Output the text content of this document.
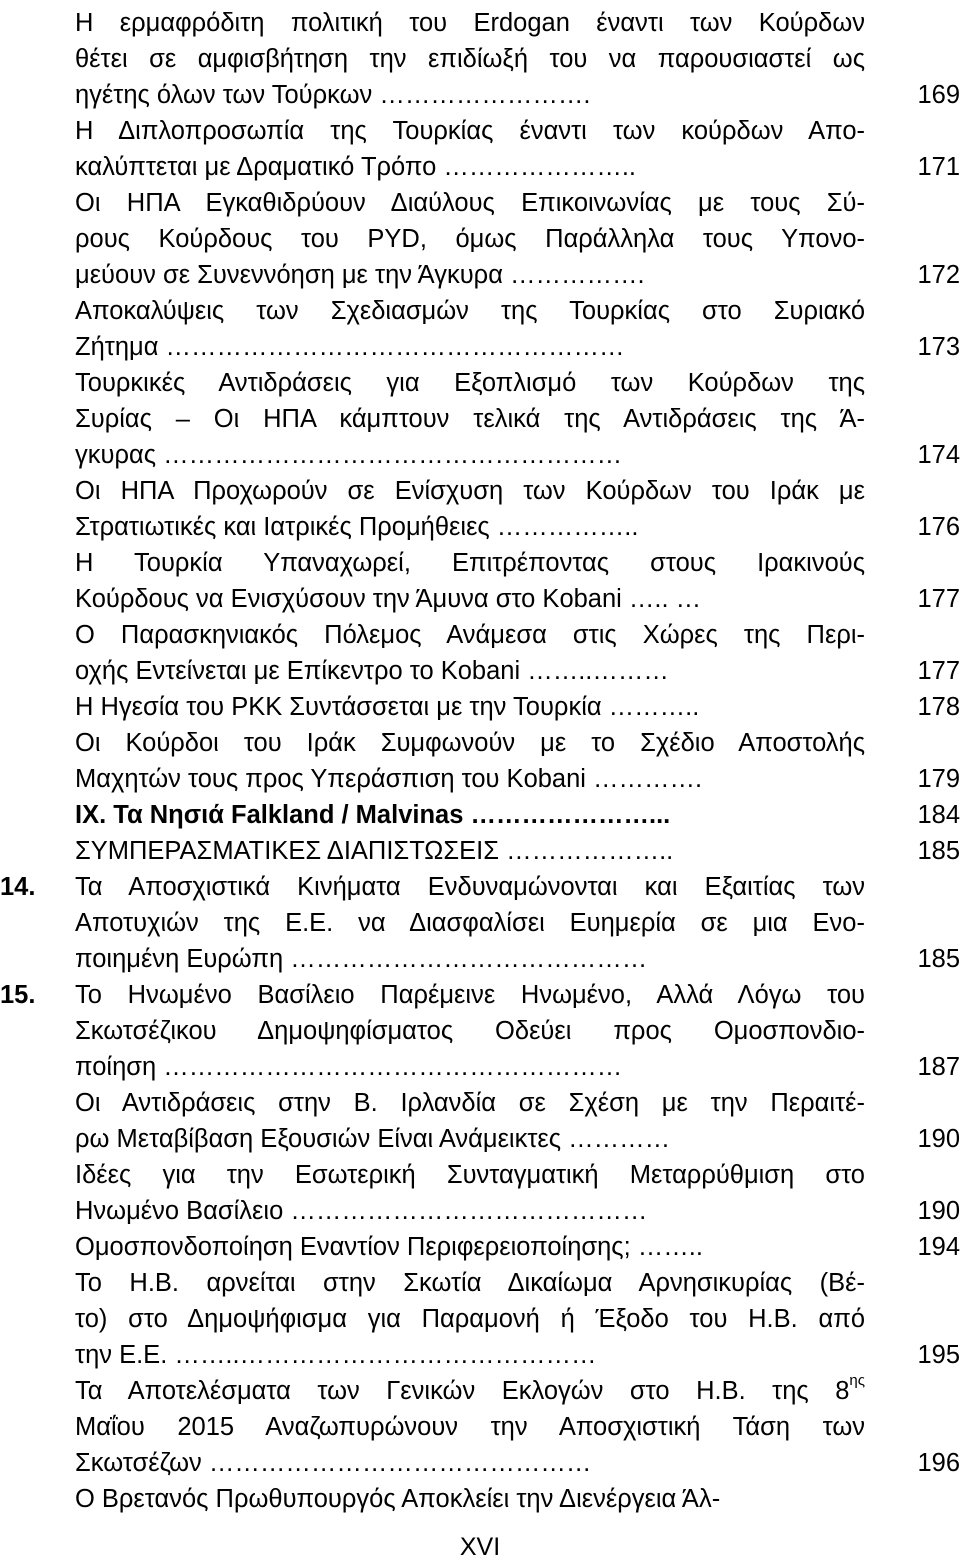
Η ερμαφρόδιτη πολιτική του Erdogan έναντι των Κούρδων
θέτει σε αμφισβήτηση την επιδίωξή του να παρουσιαστεί ως
ηγέτης όλων των Τούρκων …………………….	169
Η Διπλοπροσωπία της Τουρκίας έναντι των κούρδων Απο-
καλύπτεται με Δραματικό Τρόπο …………………..	171
Οι ΗΠΑ Εγκαθιδρύουν Διαύλους Επικοινωνίας με τους Σύ-
ρους Κούρδους του PYD, όμως Παράλληλα τους Υπονο-
μεύουν σε Συνεννόηση με την Άγκυρα …………….	172
Αποκαλύψεις των Σχεδιασμών της Τουρκίας στο Συριακό
Ζήτημα ………………………………………………	173
Τουρκικές Αντιδράσεις για Εξοπλισμό των Κούρδων της
Συρίας – Οι ΗΠΑ κάμπτουν τελικά της Αντιδράσεις της Ά-
γκυρας ………………………………………………	174
Οι ΗΠΑ Προχωρούν σε Ενίσχυση των Κούρδων του Ιράκ με
Στρατιωτικές και Ιατρικές Προμήθειες ……………..	176
Η Τουρκία Υπαναχωρεί, Επιτρέποντας στους Ιρακινούς
Κούρδους να Ενισχύσουν την Άμυνα στο Kobani ….. …	177
Ο Παρασκηνιακός Πόλεμος Ανάμεσα στις Χώρες της Περι-
οχής Εντείνεται με Επίκεντρο το Kobani ……..………	177
Η Ηγεσία του PKK Συντάσσεται με την Τουρκία ………..	178
Οι Κούρδοι του Ιράκ Συμφωνούν με το Σχέδιο Αποστολής
Μαχητών τους προς Υπεράσπιση του Kobani ………….	179
IX. Τα Νησιά Falkland / Malvinas …………………...	184
ΣΥΜΠΕΡΑΣΜΑΤΙΚΕΣ ΔΙΑΠΙΣΤΩΣΕΙΣ ………………..	185
14. Τα Αποσχιστικά Κινήματα Ενδυναμώνονται και Εξαιτίας των
Αποτυχιών της Ε.Ε. να Διασφαλίσει Ευημερία σε μια Ενο-
ποιημένη Ευρώπη ……………………………………	185
15. Το Ηνωμένο Βασίλειο Παρέμεινε Ηνωμένο, Αλλά Λόγω του
Σκωτσέζικου Δημοψηφίσματος Οδεύει προς Ομοσπονδιο-
ποίηση ………………………………………………	187
Οι Αντιδράσεις στην Β. Ιρλανδία σε Σχέση με την Περαιτέ-
ρω Μεταβίβαση Εξουσιών Είναι Ανάμεικτες …………	190
Ιδέες για την Εσωτερική Συνταγματική Μεταρρύθμιση στο
Ηνωμένο Βασίλειο ……………………………………	190
Ομοσπονδοποίηση Εναντίον Περιφερειοποίησης; ……..	194
Το Η.Β. αρνείται στην Σκωτία Δικαίωμα Αρνησικυρίας (Βέ-
το) στο Δημοψήφισμα για Παραμονή ή Έξοδο του Η.Β. από
την Ε.Ε. ……..……………………………………	195
Τα Αποτελέσματα των Γενικών Εκλογών στο Η.Β. της $8^{\eta\varsigma}$
Μαΐου 2015 Αναζωπυρώνουν την Αποσχιστική Τάση των
Σκωτσέζων ………………………………………	196
Ο Βρετανός Πρωθυπουργός Αποκλείει την Διενέργεια Άλ-
XVI
